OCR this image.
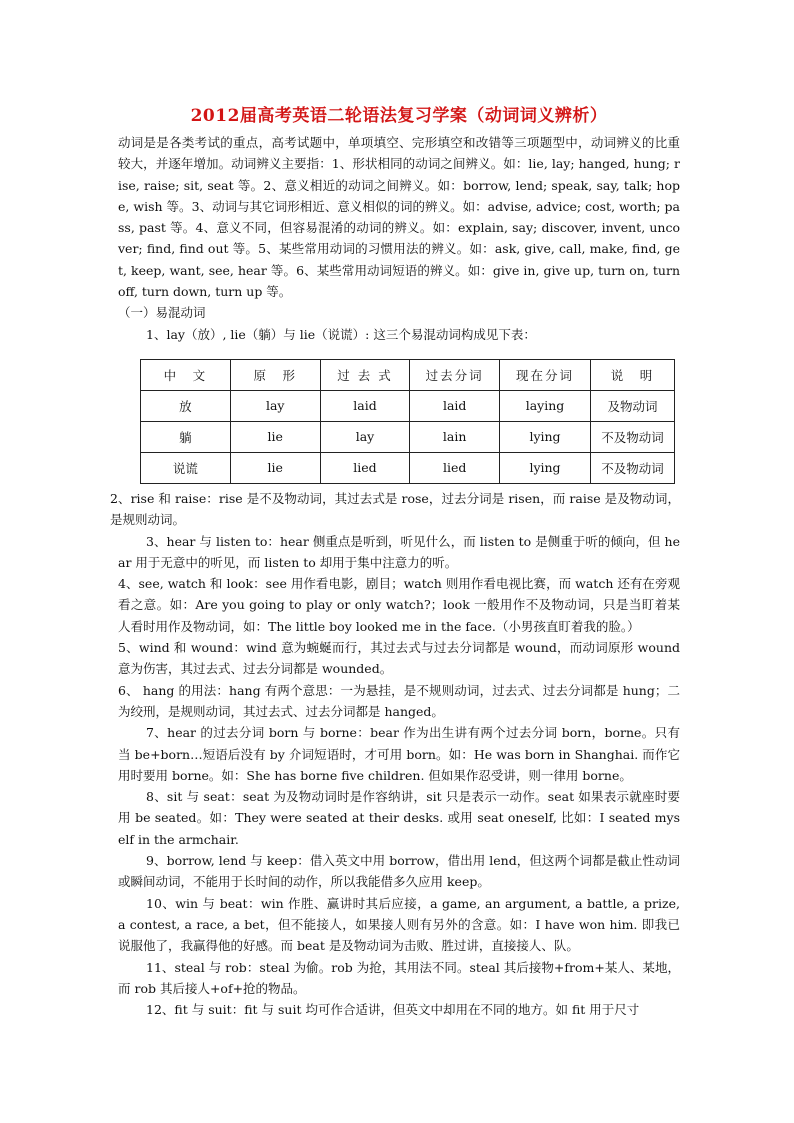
2012届高考英语二轮语法复习学案（动词词义辨析）

动词是是各类考试的重点，高考试题中，单项填空、完形填空和改错等三项题型中，动词辨义的比重较大，并逐年增加。动词辨义主要指：1、形状相同的动词之间辨义。如：lie, lay; hanged, hung; rise, raise; sit, seat 等。2、意义相近的动词之间辨义。如：borrow, lend; speak, say, talk; hope, wish 等。3、动词与其它词形相近、意义相似的词的辨义。如：advise, advice; cost, worth; pass, past 等。4、意义不同，但容易混淆的动词的辨义。如：explain, say; discover, invent, uncover; find, find out 等。5、某些常用动词的习惯用法的辨义。如：ask, give, call, make, find, get, keep, want, see, hear 等。6、某些常用动词短语的辨义。如：give in, give up, turn on, turn off, turn down, turn up 等。

（一）易混动词

1、lay（放）, lie（躺）与 lie（说谎）: 这三个易混动词构成见下表：

中　文	原　形	过 去 式	过去分词	现在分词	说　明
放	lay	laid	laid	laying	及物动词
躺	lie	lay	lain	lying	不及物动词
说谎	lie	lied	lied	lying	不及物动词

2、rise 和 raise：rise 是不及物动词，其过去式是 rose，过去分词是 risen，而 raise 是及物动词，是规则动词。

3、hear 与 listen to：hear 侧重点是听到，听见什么，而 listen to 是侧重于听的倾向，但 hear 用于无意中的听见，而 listen to 却用于集中注意力的听。

4、see, watch 和 look：see 用作看电影，剧目；watch 则用作看电视比赛，而 watch 还有在旁观看之意。如：Are you going to play or only watch?；look 一般用作不及物动词，只是当盯着某人看时用作及物动词，如：The little boy looked me in the face.（小男孩直盯着我的脸。）

5、wind 和 wound：wind 意为蜿蜒而行，其过去式与过去分词都是 wound，而动词原形 wound 意为伤害，其过去式、过去分词都是 wounded。

6、 hang 的用法：hang 有两个意思：一为悬挂，是不规则动词，过去式、过去分词都是 hung；二为绞刑，是规则动词，其过去式、过去分词都是 hanged。

7、hear 的过去分词 born 与 borne：bear 作为出生讲有两个过去分词 born，borne。只有当 be+born…短语后没有 by 介词短语时，才可用 born。如：He was born in Shanghai. 而作它用时要用 borne。如：She has borne five children. 但如果作忍受讲，则一律用 borne。

8、sit 与 seat：seat 为及物动词时是作容纳讲，sit 只是表示一动作。seat 如果表示就座时要用 be seated。如：They were seated at their desks. 或用 seat oneself, 比如：I seated myself in the armchair.

9、borrow, lend 与 keep：借入英文中用 borrow，借出用 lend，但这两个词都是截止性动词或瞬间动词，不能用于长时间的动作，所以我能借多久应用 keep。

10、win 与 beat：win 作胜、赢讲时其后应接，a game, an argument, a battle, a prize, a contest, a race, a bet，但不能接人，如果接人则有另外的含意。如：I have won him. 即我已说服他了，我赢得他的好感。而 beat 是及物动词为击败、胜过讲，直接接人、队。

11、steal 与 rob：steal 为偷。rob 为抢，其用法不同。steal 其后接物+from+某人、某地，而 rob 其后接人+of+抢的物品。

12、fit 与 suit：fit 与 suit 均可作合适讲，但英文中却用在不同的地方。如 fit 用于尺寸
